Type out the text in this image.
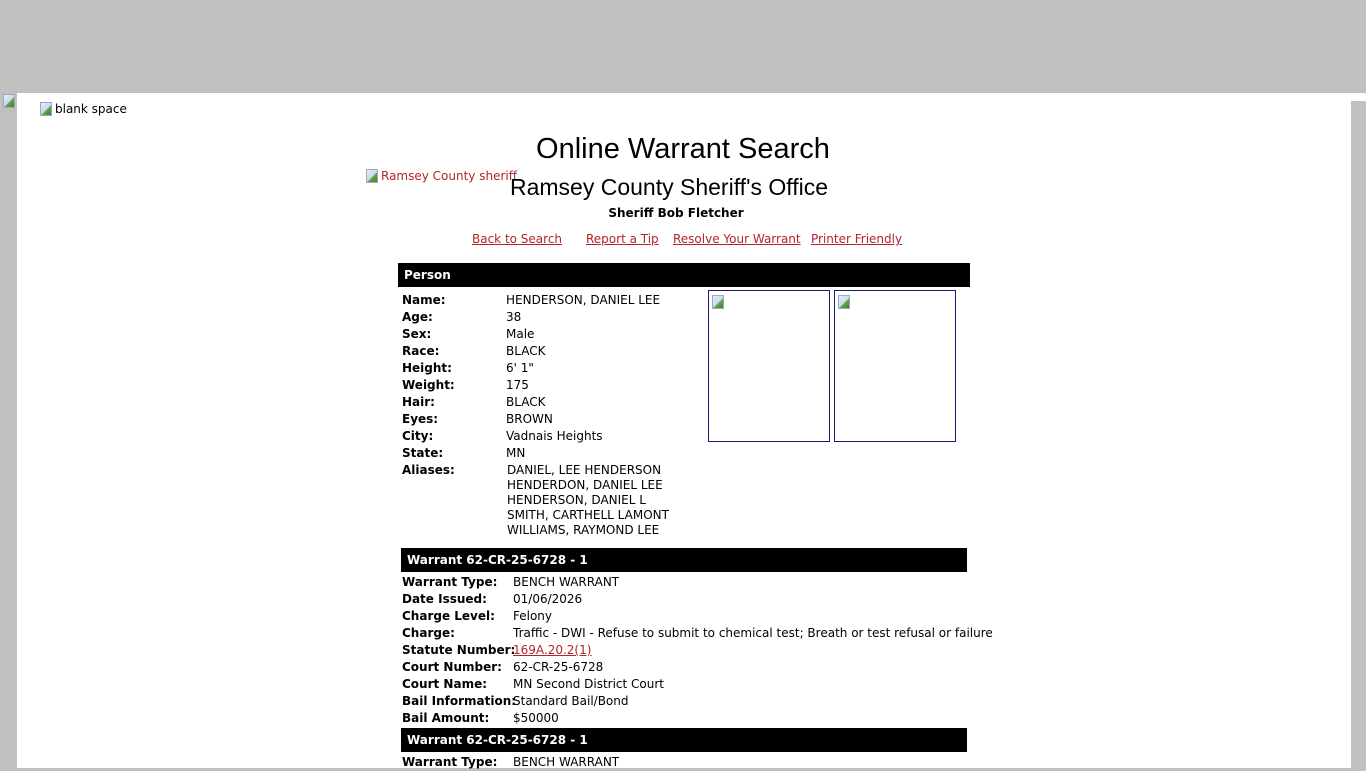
blank space
Online Warrant Search
Ramsey County sheriff
Ramsey County Sheriff's Office
Sheriff Bob Fletcher
Back to Search Report a Tip Resolve Your Warrant Printer Friendly
Person
Name:	HENDERSON, DANIEL LEE
Age:	38
Sex:	Male
Race:	BLACK
Height:	6' 1"
Weight:	175
Hair:	BLACK
Eyes:	BROWN
City:	Vadnais Heights
State:	MN
Aliases:	DANIEL, LEE HENDERSON
HENDERDON, DANIEL LEE
HENDERSON, DANIEL L
SMITH, CARTHELL LAMONT
WILLIAMS, RAYMOND LEE
Warrant 62-CR-25-6728 - 1
Warrant Type: BENCH WARRANT
Date Issued: 01/06/2026
Charge Level: Felony
Charge:	Traffic - DWI - Refuse to submit to chemical test; Breath or test refusal or failure
Statute Number:
169A.20.2(1)
Court Number: 62-CR-25-6728
Court Name: MN Second District Court
Bail Information:
Standard Bail/Bond
Bail Amount: $50000
Warrant 62-CR-25-6728 - 1
Warrant Type: BENCH WARRANT
